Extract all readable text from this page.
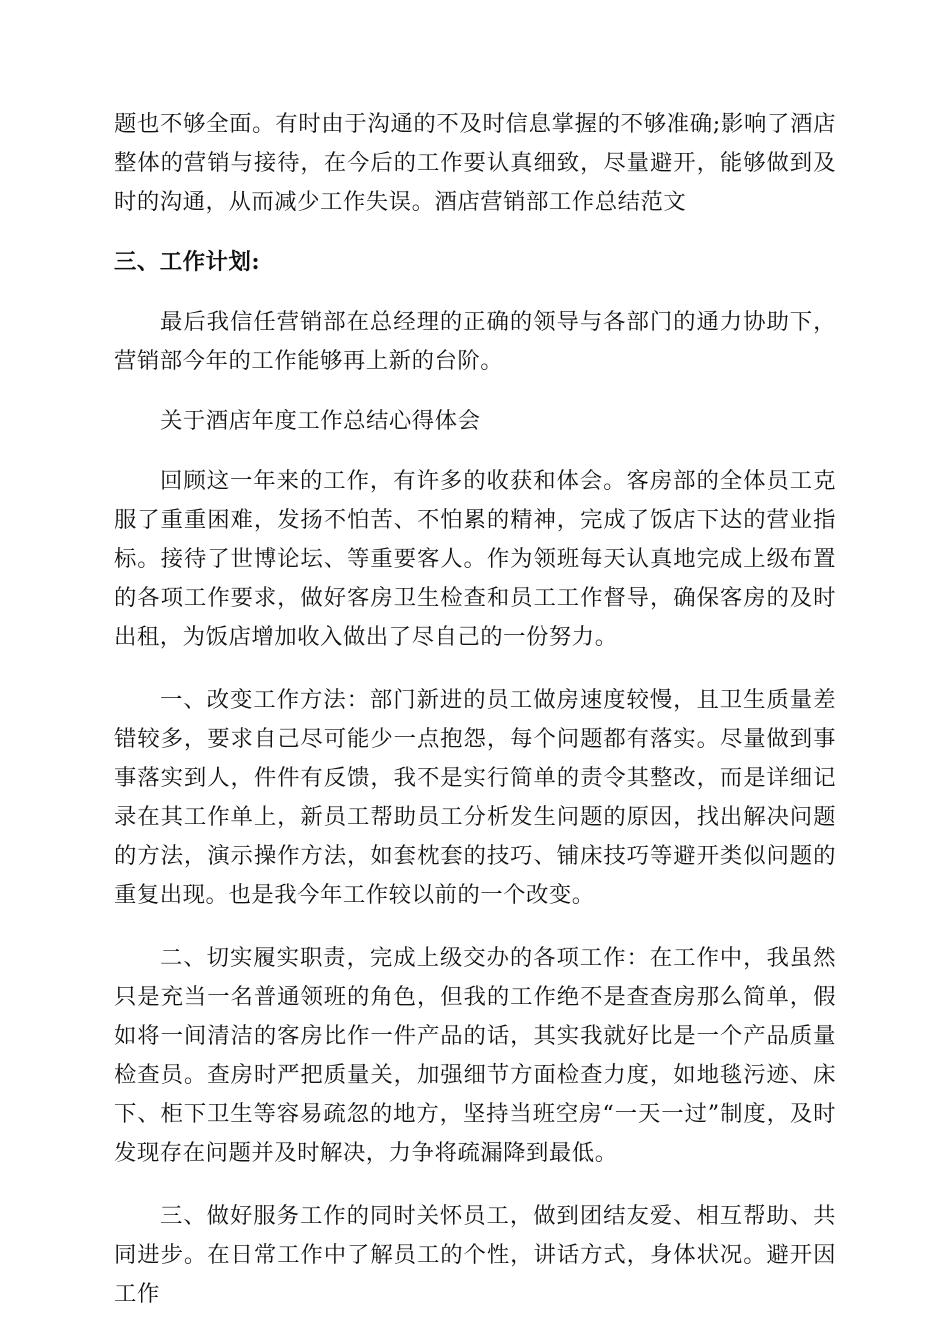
题也不够全面。有时由于沟通的不及时信息掌握的不够准确;影响了酒店整体的营销与接待，在今后的工作要认真细致，尽量避开，能够做到及时的沟通，从而减少工作失误。酒店营销部工作总结范文

三、工作计划:

最后我信任营销部在总经理的正确的领导与各部门的通力协助下，营销部今年的工作能够再上新的台阶。

关于酒店年度工作总结心得体会

回顾这一年来的工作，有许多的收获和体会。客房部的全体员工克服了重重困难，发扬不怕苦、不怕累的精神，完成了饭店下达的营业指标。接待了世博论坛、等重要客人。作为领班每天认真地完成上级布置的各项工作要求，做好客房卫生检查和员工工作督导，确保客房的及时出租，为饭店增加收入做出了尽自己的一份努力。

一、改变工作方法：部门新进的员工做房速度较慢，且卫生质量差错较多，要求自己尽可能少一点抱怨，每个问题都有落实。尽量做到事事落实到人，件件有反馈，我不是实行简单的责令其整改，而是详细记录在其工作单上，新员工帮助员工分析发生问题的原因，找出解决问题的方法，演示操作方法，如套枕套的技巧、铺床技巧等避开类似问题的重复出现。也是我今年工作较以前的一个改变。

二、切实履实职责，完成上级交办的各项工作：在工作中，我虽然只是充当一名普通领班的角色，但我的工作绝不是查查房那么简单，假如将一间清洁的客房比作一件产品的话，其实我就好比是一个产品质量检查员。查房时严把质量关，加强细节方面检查力度，如地毯污迹、床下、柜下卫生等容易疏忽的地方，坚持当班空房“一天一过”制度，及时发现存在问题并及时解决，力争将疏漏降到最低。

三、做好服务工作的同时关怀员工，做到团结友爱、相互帮助、共同进步。在日常工作中了解员工的个性，讲话方式，身体状况。避开因工作
